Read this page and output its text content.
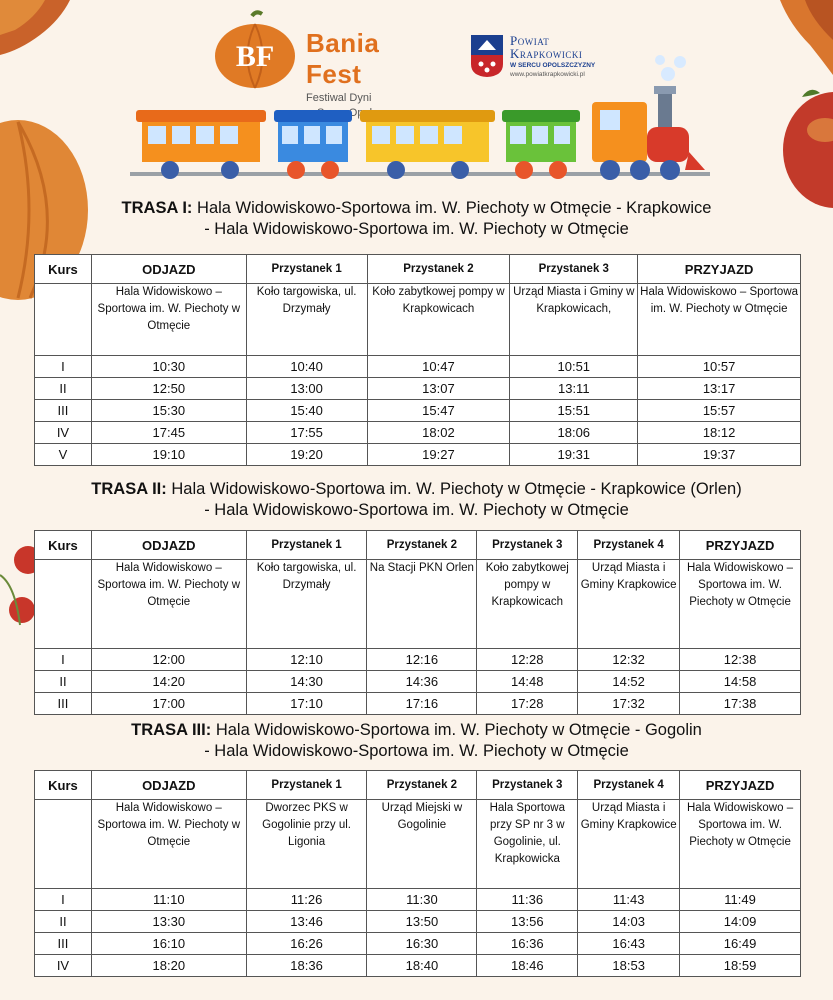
BF Bania Fest
Festiwal Dyni
Powiat
Krapkowicki
W SERCU OPOLSZCZYZNY
www.powiatkrapkowicki.pl
TRASA I: Hala Widowiskowo-Sportowa im. W. Piechoty w Otmęcie - Krapkowice
- Hala Widowiskowo-Sportowa im. W. Piechoty w Otmęcie
Kurs	ODJAZD	Przystanek 1	Przystanek 2	Przystanek 3	PRZYJAZD
	Hala Widowiskowo – Sportowa im. W. Piechoty w Otmęcie	Koło targowiska, ul. Drzymały	Koło zabytkowej pompy w Krapkowicach	Urząd Miasta i Gminy w Krapkowicach,	Hala Widowiskowo – Sportowa im. W. Piechoty w Otmęcie
I	10:30	10:40	10:47	10:51	10:57
II	12:50	13:00	13:07	13:11	13:17
III	15:30	15:40	15:47	15:51	15:57
IV	17:45	17:55	18:02	18:06	18:12
V	19:10	19:20	19:27	19:31	19:37
TRASA II: Hala Widowiskowo-Sportowa im. W. Piechoty w Otmęcie - Krapkowice (Orlen)
- Hala Widowiskowo-Sportowa im. W. Piechoty w Otmęcie
Kurs	ODJAZD	Przystanek 1	Przystanek 2	Przystanek 3	Przystanek 4	PRZYJAZD
	Hala Widowiskowo – Sportowa im. W. Piechoty w Otmęcie	Koło targowiska, ul. Drzymały	Na Stacji PKN Orlen	Koło zabytkowej pompy w Krapkowicach	Urząd Miasta i Gminy Krapkowice	Hala Widowiskowo – Sportowa im. W. Piechoty w Otmęcie
I	12:00	12:10	12:16	12:28	12:32	12:38
II	14:20	14:30	14:36	14:48	14:52	14:58
III	17:00	17:10	17:16	17:28	17:32	17:38
TRASA III: Hala Widowiskowo-Sportowa im. W. Piechoty w Otmęcie - Gogolin
- Hala Widowiskowo-Sportowa im. W. Piechoty w Otmęcie
Kurs	ODJAZD	Przystanek 1	Przystanek 2	Przystanek 3	Przystanek 4	PRZYJAZD
	Hala Widowiskowo – Sportowa im. W. Piechoty w Otmęcie	Dworzec PKS w Gogolinie przy ul. Ligonia	Urząd Miejski w Gogolinie	Hala Sportowa przy SP nr 3 w Gogolinie, ul. Krapkowicka	Urząd Miasta i Gminy Krapkowice	Hala Widowiskowo – Sportowa im. W. Piechoty w Otmęcie
I	11:10	11:26	11:30	11:36	11:43	11:49
II	13:30	13:46	13:50	13:56	14:03	14:09
III	16:10	16:26	16:30	16:36	16:43	16:49
IV	18:20	18:36	18:40	18:46	18:53	18:59
